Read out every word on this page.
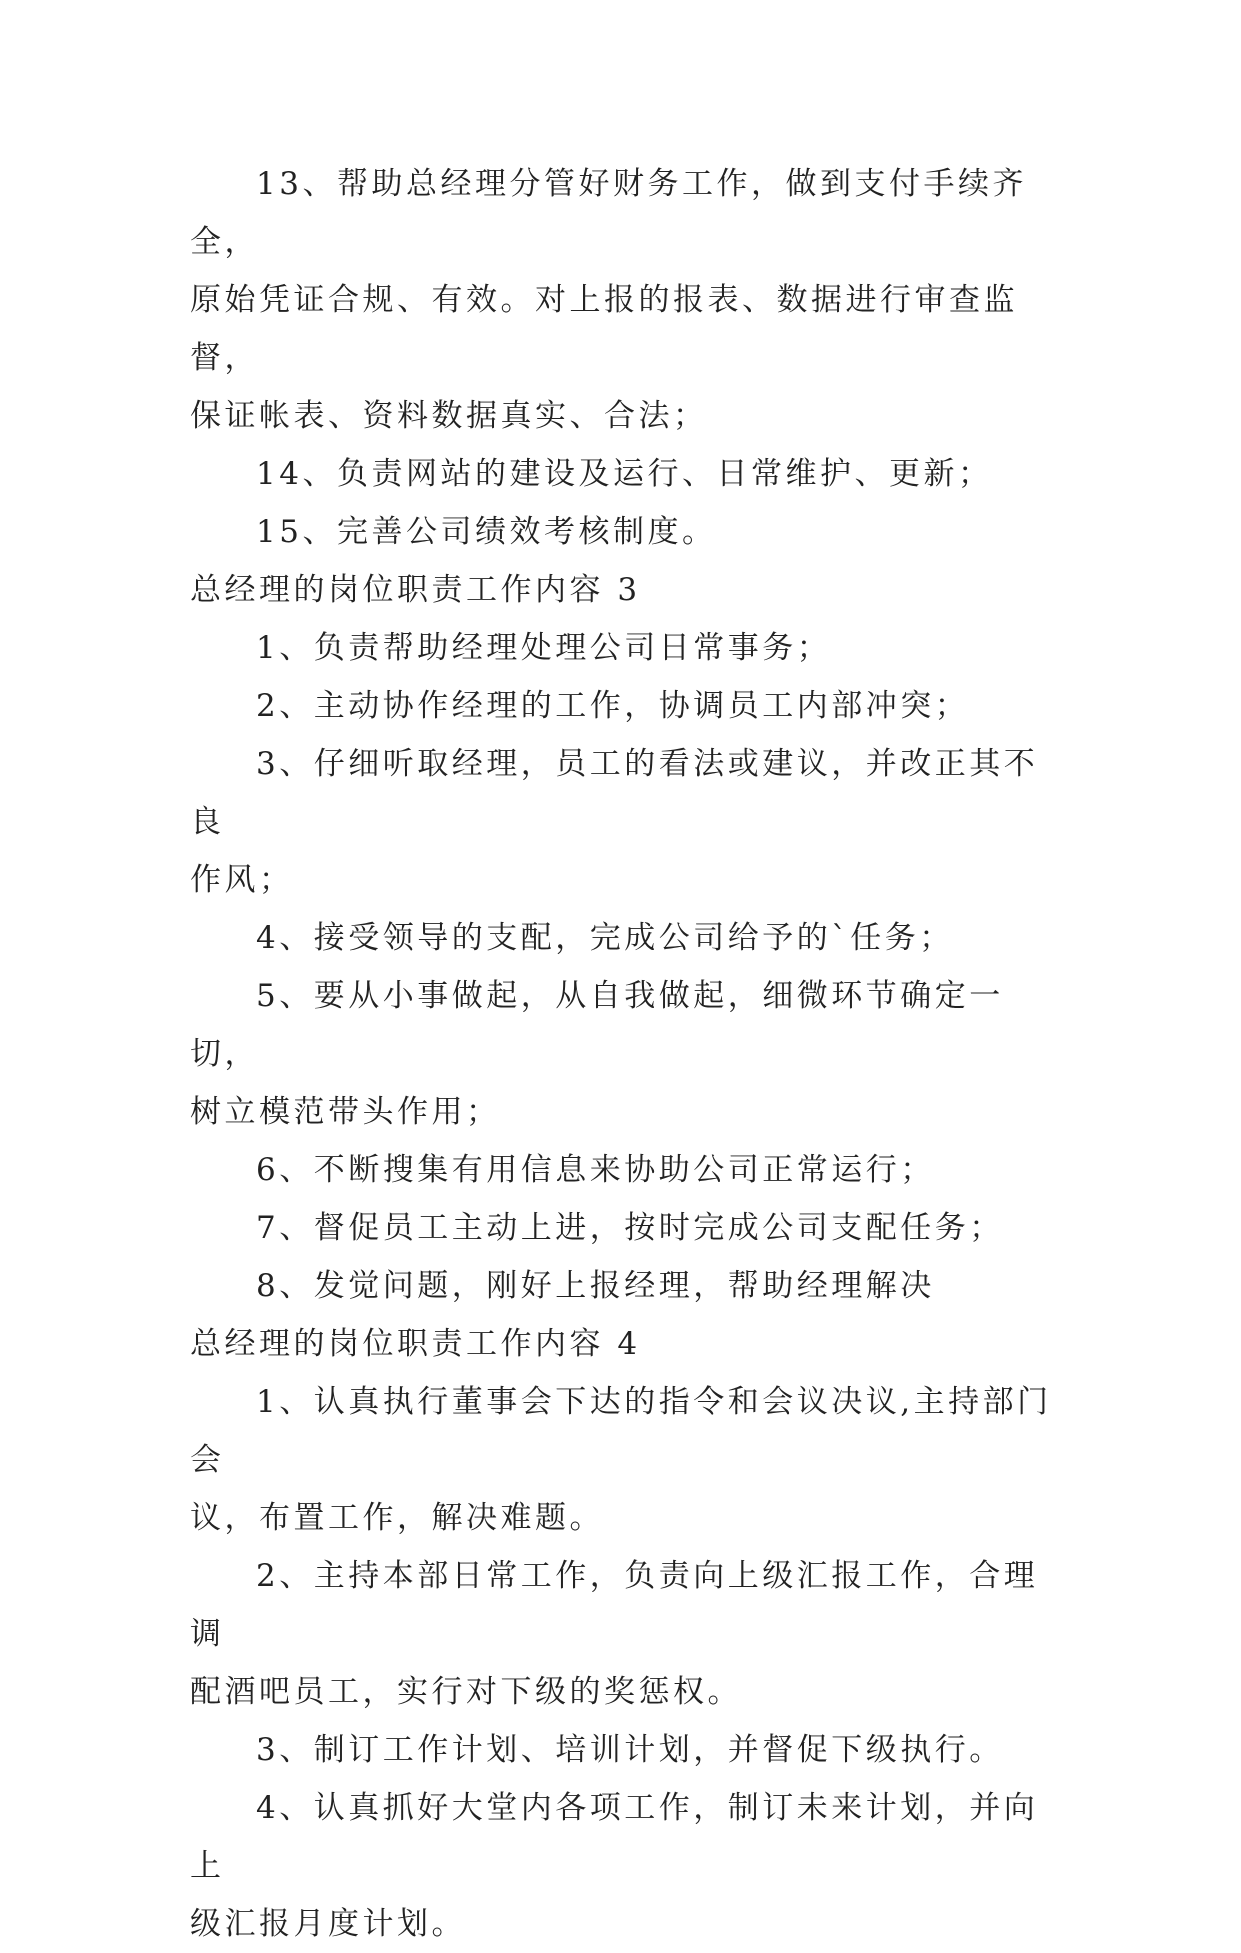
13、帮助总经理分管好财务工作，做到支付手续齐全，
原始凭证合规、有效。对上报的报表、数据进行审查监督，
保证帐表、资料数据真实、合法；

14、负责网站的建设及运行、日常维护、更新；

15、完善公司绩效考核制度。

总经理的岗位职责工作内容 3

1、负责帮助经理处理公司日常事务；

2、主动协作经理的工作，协调员工内部冲突；

3、仔细听取经理，员工的看法或建议，并改正其不良
作风；

4、接受领导的支配，完成公司给予的`任务；

5、要从小事做起，从自我做起，细微环节确定一切，
树立模范带头作用；

6、不断搜集有用信息来协助公司正常运行；

7、督促员工主动上进，按时完成公司支配任务；

8、发觉问题，刚好上报经理，帮助经理解决

总经理的岗位职责工作内容 4

1、认真执行董事会下达的指令和会议决议,主持部门会
议，布置工作，解决难题。

2、主持本部日常工作，负责向上级汇报工作，合理调
配酒吧员工，实行对下级的奖惩权。

3、制订工作计划、培训计划，并督促下级执行。

4、认真抓好大堂内各项工作，制订未来计划，并向上
级汇报月度计划。
